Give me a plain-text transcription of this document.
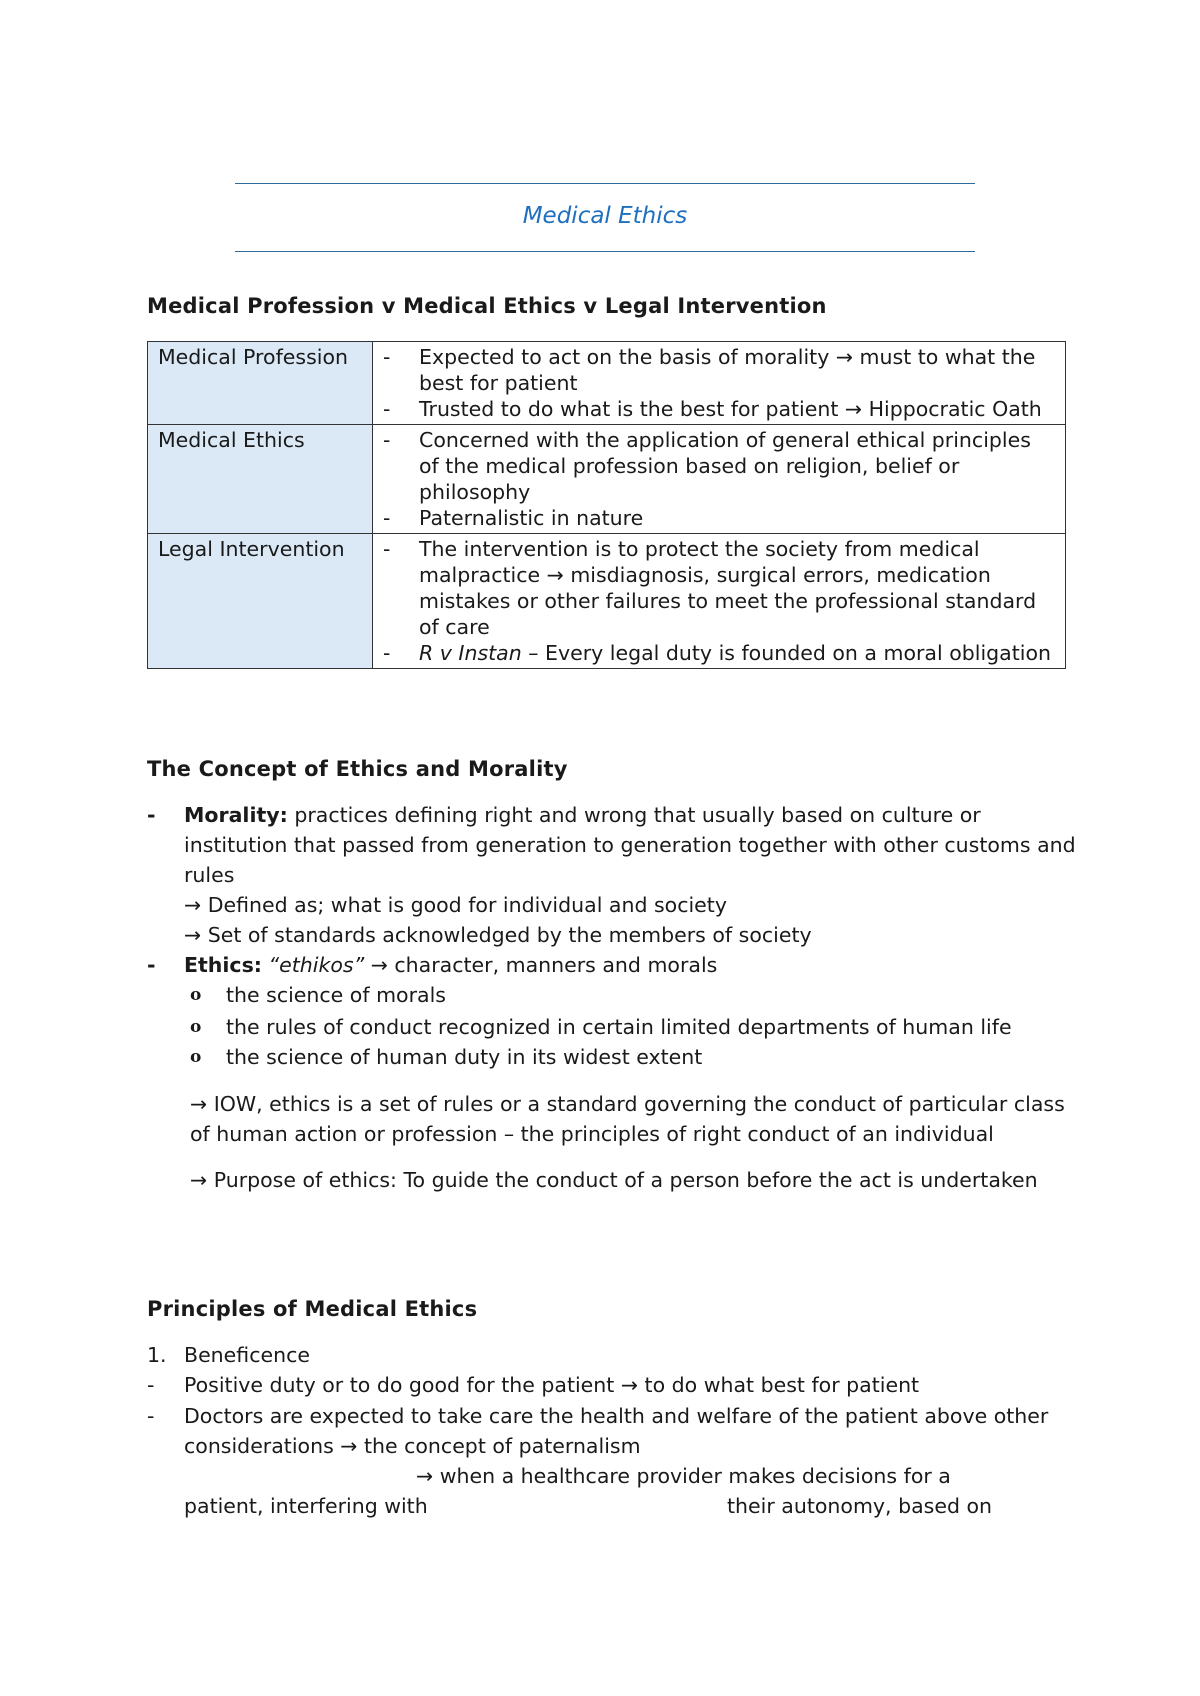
Medical Ethics
Medical Profession v Medical Ethics v Legal Intervention
Medical Profession	- Expected to act on the basis of morality → must to what the best for patient
- Trusted to do what is the best for patient → Hippocratic Oath

Medical Ethics	- Concerned with the application of general ethical principles of the medical profession based on religion, belief or philosophy
- Paternalistic in nature

Legal Intervention	- The intervention is to protect the society from medical malpractice → misdiagnosis, surgical errors, medication mistakes or other failures to meet the professional standard of care
- R v Instan – Every legal duty is founded on a moral obligation
The Concept of Ethics and Morality
- Morality: practices defining right and wrong that usually based on culture or institution that passed from generation to generation together with other customs and rules
→ Defined as; what is good for individual and society
→ Set of standards acknowledged by the members of society
- Ethics: “ethikos” → character, manners and morals
o the science of morals
o the rules of conduct recognized in certain limited departments of human life
o the science of human duty in its widest extent
→ IOW, ethics is a set of rules or a standard governing the conduct of particular class of human action or profession – the principles of right conduct of an individual
→ Purpose of ethics: To guide the conduct of a person before the act is undertaken
Principles of Medical Ethics
1. Beneficence
- Positive duty or to do good for the patient → to do what best for patient
- Doctors are expected to take care the health and welfare of the patient above other considerations → the concept of paternalism
→ when a healthcare provider makes decisions for a
patient, interfering with	their autonomy, based on
